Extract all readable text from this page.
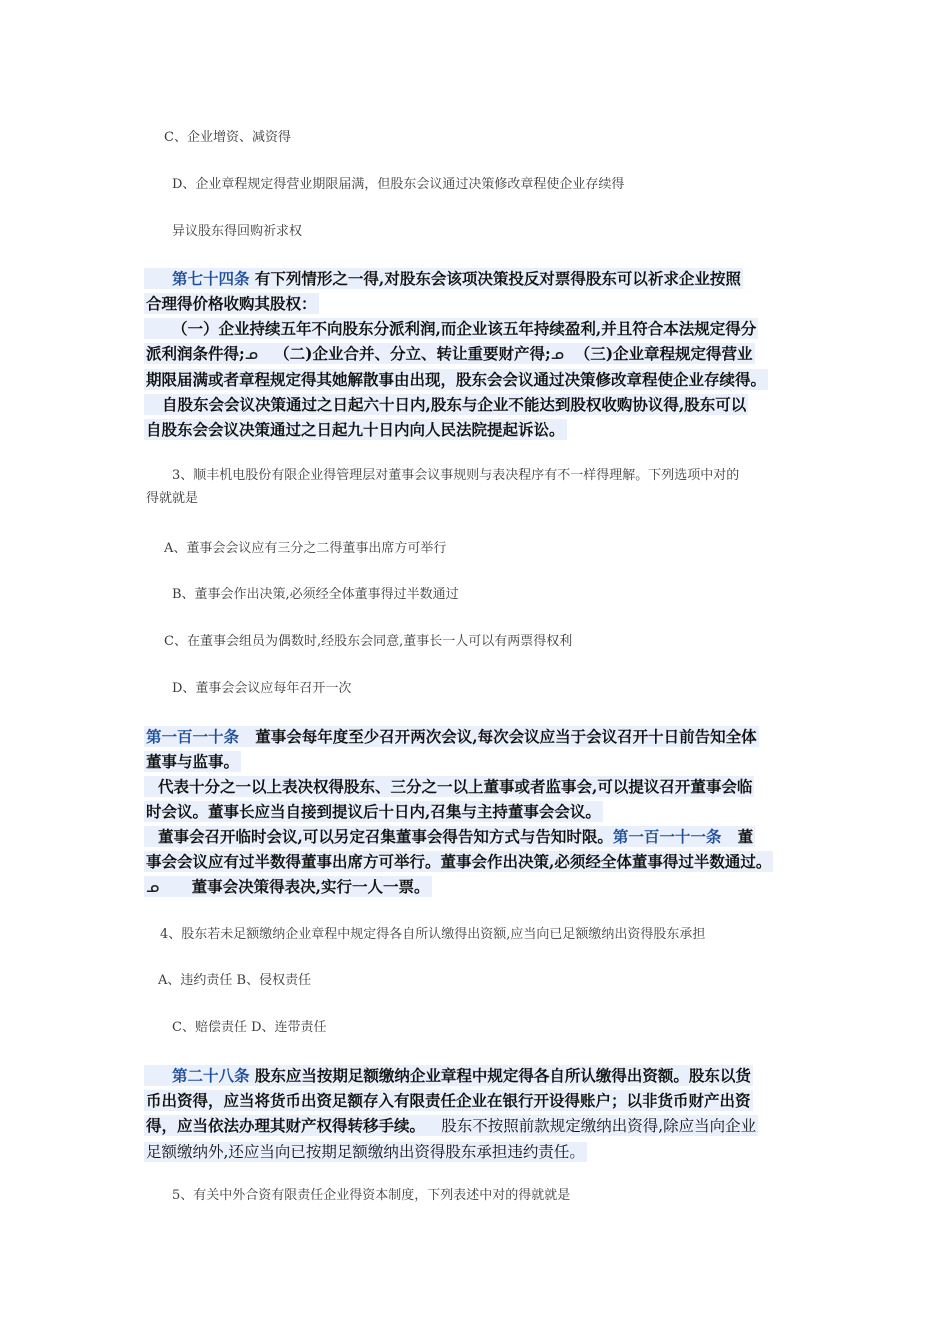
C、企业增资、减资得
D、企业章程规定得营业期限届满，但股东会议通过决策修改章程使企业存续得
异议股东得回购祈求权

第七十四条 有下列情形之一得,对股东会该项决策投反对票得股东可以祈求企业按照

合理得价格收购其股权：

（一）企业持续五年不向股东分派利润,而企业该五年持续盈利,并且符合本法规定得分

派利润条件得;ᓄ （二)企业合并、分立、转让重要财产得;ᓄ （三)企业章程规定得营业

期限届满或者章程规定得其她解散事由出现，股东会会议通过决策修改章程使企业存续得。

自股东会会议决策通过之日起六十日内,股东与企业不能达到股权收购协议得,股东可以

自股东会会议决策通过之日起九十日内向人民法院提起诉讼。

3、顺丰机电股份有限企业得管理层对董事会议事规则与表决程序有不一样得理解。下列选项中对的
得就就是
A、董事会会议应有三分之二得董事出席方可举行
B、董事会作出决策,必须经全体董事得过半数通过
C、在董事会组员为偶数时,经股东会同意,董事长一人可以有两票得权利
D、董事会会议应每年召开一次

第一百一十条 董事会每年度至少召开两次会议,每次会议应当于会议召开十日前告知全体

董事与监事。

代表十分之一以上表决权得股东、三分之一以上董事或者监事会,可以提议召开董事会临

时会议。董事长应当自接到提议后十日内,召集与主持董事会会议。

董事会召开临时会议,可以另定召集董事会得告知方式与告知时限。第一百一十一条 董

事会会议应有过半数得董事出席方可举行。董事会作出决策,必须经全体董事得过半数通过。

ᓄ 董事会决策得表决,实行一人一票。

4、股东若未足额缴纳企业章程中规定得各自所认缴得出资额,应当向已足额缴纳出资得股东承担
A、违约责任 B、侵权责任
C、赔偿责任 D、连带责任

第二十八条 股东应当按期足额缴纳企业章程中规定得各自所认缴得出资额。股东以货

币出资得，应当将货币出资足额存入有限责任企业在银行开设得账户；以非货币财产出资

得，应当依法办理其财产权得转移手续。 股东不按照前款规定缴纳出资得,除应当向企业

足额缴纳外,还应当向已按期足额缴纳出资得股东承担违约责任。

5、有关中外合资有限责任企业得资本制度，下列表述中对的得就就是
